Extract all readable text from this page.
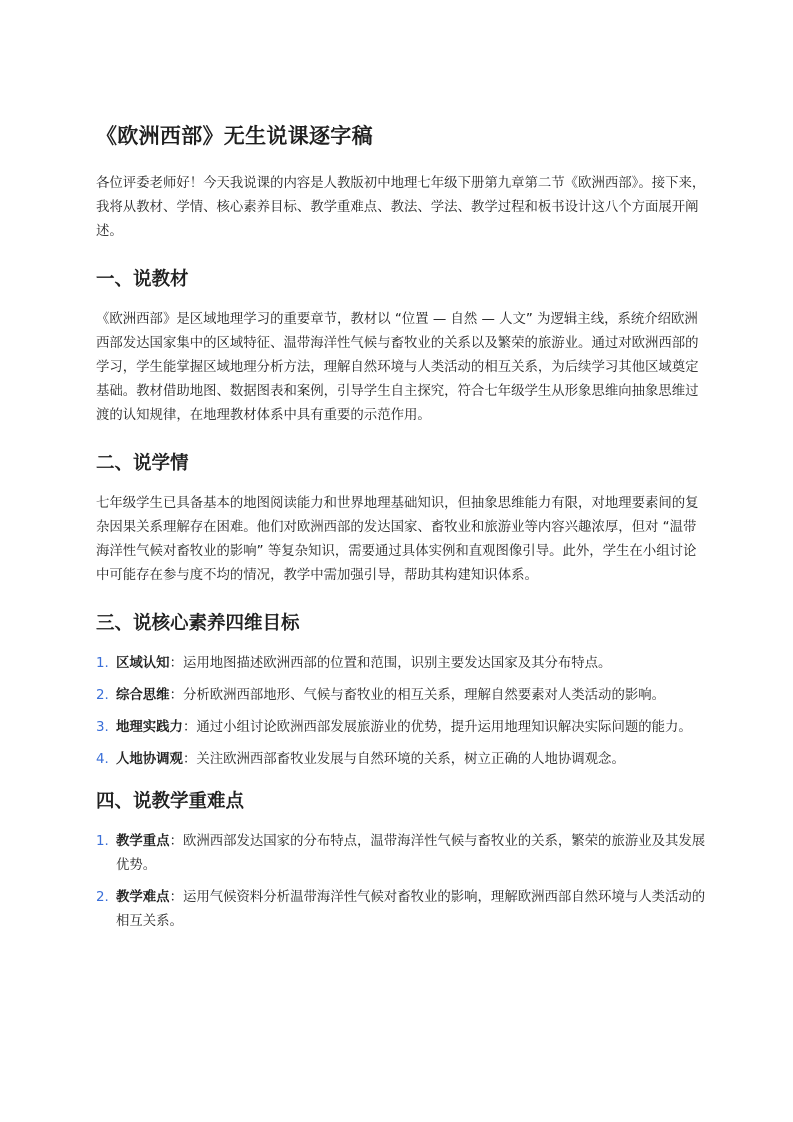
《欧洲西部》无生说课逐字稿

各位评委老师好！今天我说课的内容是人教版初中地理七年级下册第九章第二节《欧洲西部》。接下来，我将从教材、学情、核心素养目标、教学重难点、教法、学法、教学过程和板书设计这八个方面展开阐述。

一、说教材

《欧洲西部》是区域地理学习的重要章节，教材以 “位置 — 自然 — 人文” 为逻辑主线，系统介绍欧洲西部发达国家集中的区域特征、温带海洋性气候与畜牧业的关系以及繁荣的旅游业。通过对欧洲西部的学习，学生能掌握区域地理分析方法，理解自然环境与人类活动的相互关系，为后续学习其他区域奠定基础。教材借助地图、数据图表和案例，引导学生自主探究，符合七年级学生从形象思维向抽象思维过渡的认知规律，在地理教材体系中具有重要的示范作用。

二、说学情

七年级学生已具备基本的地图阅读能力和世界地理基础知识，但抽象思维能力有限，对地理要素间的复杂因果关系理解存在困难。他们对欧洲西部的发达国家、畜牧业和旅游业等内容兴趣浓厚，但对 “温带海洋性气候对畜牧业的影响” 等复杂知识，需要通过具体实例和直观图像引导。此外，学生在小组讨论中可能存在参与度不均的情况，教学中需加强引导，帮助其构建知识体系。

三、说核心素养四维目标
1. 区域认知：运用地图描述欧洲西部的位置和范围，识别主要发达国家及其分布特点。
2. 综合思维：分析欧洲西部地形、气候与畜牧业的相互关系，理解自然要素对人类活动的影响。
3. 地理实践力：通过小组讨论欧洲西部发展旅游业的优势，提升运用地理知识解决实际问题的能力。
4. 人地协调观：关注欧洲西部畜牧业发展与自然环境的关系，树立正确的人地协调观念。
四、说教学重难点
1. 教学重点：欧洲西部发达国家的分布特点，温带海洋性气候与畜牧业的关系，繁荣的旅游业及其发展优势。
2. 教学难点：运用气候资料分析温带海洋性气候对畜牧业的影响，理解欧洲西部自然环境与人类活动的相互关系。
